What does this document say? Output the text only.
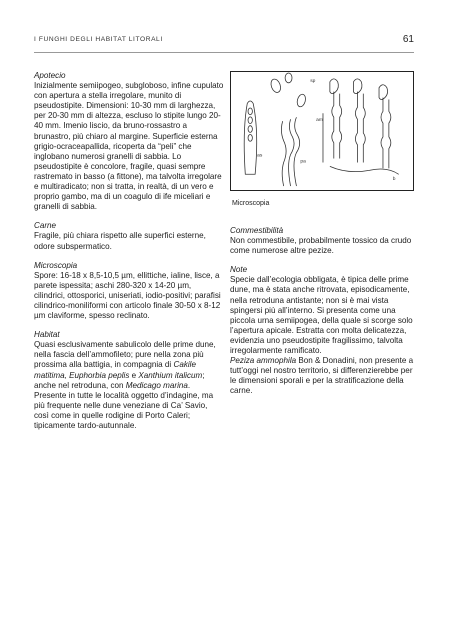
I FUNGHI DEGLI HABITAT LITORALI	61

Apotecio

Inizialmente semiipogeo, subgloboso, infine cupulato con apertura a stella irregolare, munito di pseudostipite. Dimensioni: 10-30 mm di larghezza, per 20-30 mm di altezza, escluso lo stipite lungo 20-40 mm. Imenio liscio, da bruno-rossastro a brunastro, più chiaro al margine. Superficie esterna grigio-ocraceapallida, ricoperta da “peli” che inglobano numerosi granelli di sabbia. Lo pseudostipite è concolore, fragile, quasi sempre rastremato in basso (a fittone), ma talvolta irregolare e multiradicato; non si tratta, in realtà, di un vero e proprio gambo, ma di un coagulo di ife miceliari e granelli di sabbia.

Carne

Fragile, più chiara rispetto alle superfici esterne, odore subspermatico.

Microscopia

Spore: 16-18 x 8,5-10,5 µm, ellittiche, ialine, lisce, a parete ispessita; aschi 280-320 x 14-20 µm, cilindrici, ottosporici, uniseriati, iodio-positivi; parafisi cilindrico-moniliformi con articolo finale 30-50 x 8-12 µm claviforme, spesso reclinato.

Habitat

Quasi esclusivamente sabulicolo delle prime dune, nella fascia dell’ammofileto; pure nella zona più prossima alla battigia, in compagnia di Cakile matitima, Euphorbia peplis e Xanthium italicum; anche nel retroduna, con Medicago marina. Presente in tutte le località oggetto d’indagine, ma più frequente nelle dune veneziane di Ca’ Savio, così come in quelle rodigine di Porto Caleri; tipicamente tardo-autunnale.

sp
as
pa
am
b
Microscopia

Commestibilità

Non commestibile, probabilmente tossico da crudo come numerose altre pezize.

Note

Specie dall’ecologia obbligata, è tipica delle prime dune, ma è stata anche ritrovata, episodicamente, nella retroduna antistante; non si è mai vista spingersi più all’interno. Si presenta come una piccola urna semiipogea, della quale si scorge solo l’apertura apicale. Estratta con molta delicatezza, evidenzia uno pseudostipite fragilissimo, talvolta irregolarmente ramificato.

Peziza ammophila Bon & Donadini, non presente a tutt’oggi nel nostro territorio, si differenzierebbe per le dimensioni sporali e per la stratificazione della carne.
